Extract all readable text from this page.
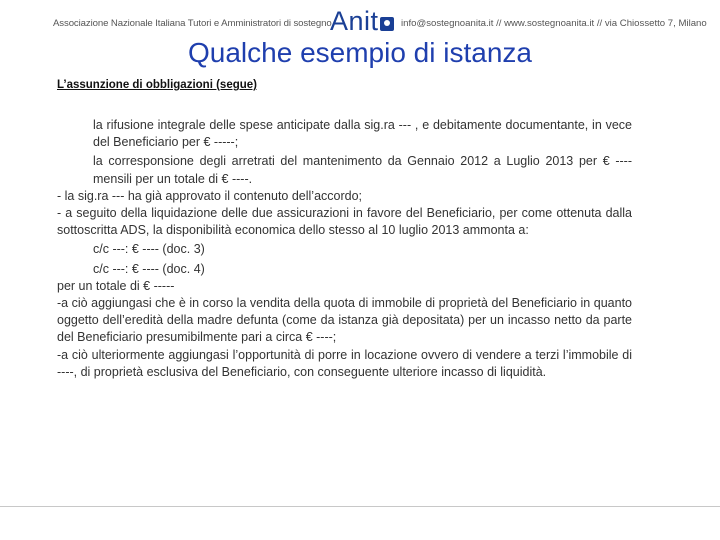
Associazione Nazionale Italiana Tutori e Amministratori di sostegno
Anit	info@sostegnoanita.it // www.sostegnoanita.it // via Chiossetto 7, Milano
Qualche esempio di istanza
L’assunzione di obbligazioni (segue)

la rifusione integrale delle spese anticipate dalla sig.ra --- , e debitamente documentante, in vece del Beneficiario per € -----;

la corresponsione degli arretrati del mantenimento da Gennaio 2012 a Luglio 2013 per € ---- mensili per un totale di € ----.

- la sig.ra --- ha già approvato il contenuto dell’accordo;

- a seguito della liquidazione delle due assicurazioni in favore del Beneficiario, per come ottenuta dalla sottoscritta ADS, la disponibilità economica dello stesso al 10 luglio 2013 ammonta a:

c/c ---: € ---- (doc. 3)

c/c ---: € ---- (doc. 4)

per un totale di € -----

-a ciò aggiungasi che è in corso la vendita della quota di immobile di proprietà del Beneficiario in quanto oggetto dell’eredità della madre defunta (come da istanza già depositata) per un incasso netto da parte del Beneficiario presumibilmente pari a circa € ----;

-a ciò ulteriormente aggiungasi l’opportunità di porre in locazione ovvero di vendere a terzi l’immobile di ----, di proprietà esclusiva del Beneficiario, con conseguente ulteriore incasso di liquidità.
